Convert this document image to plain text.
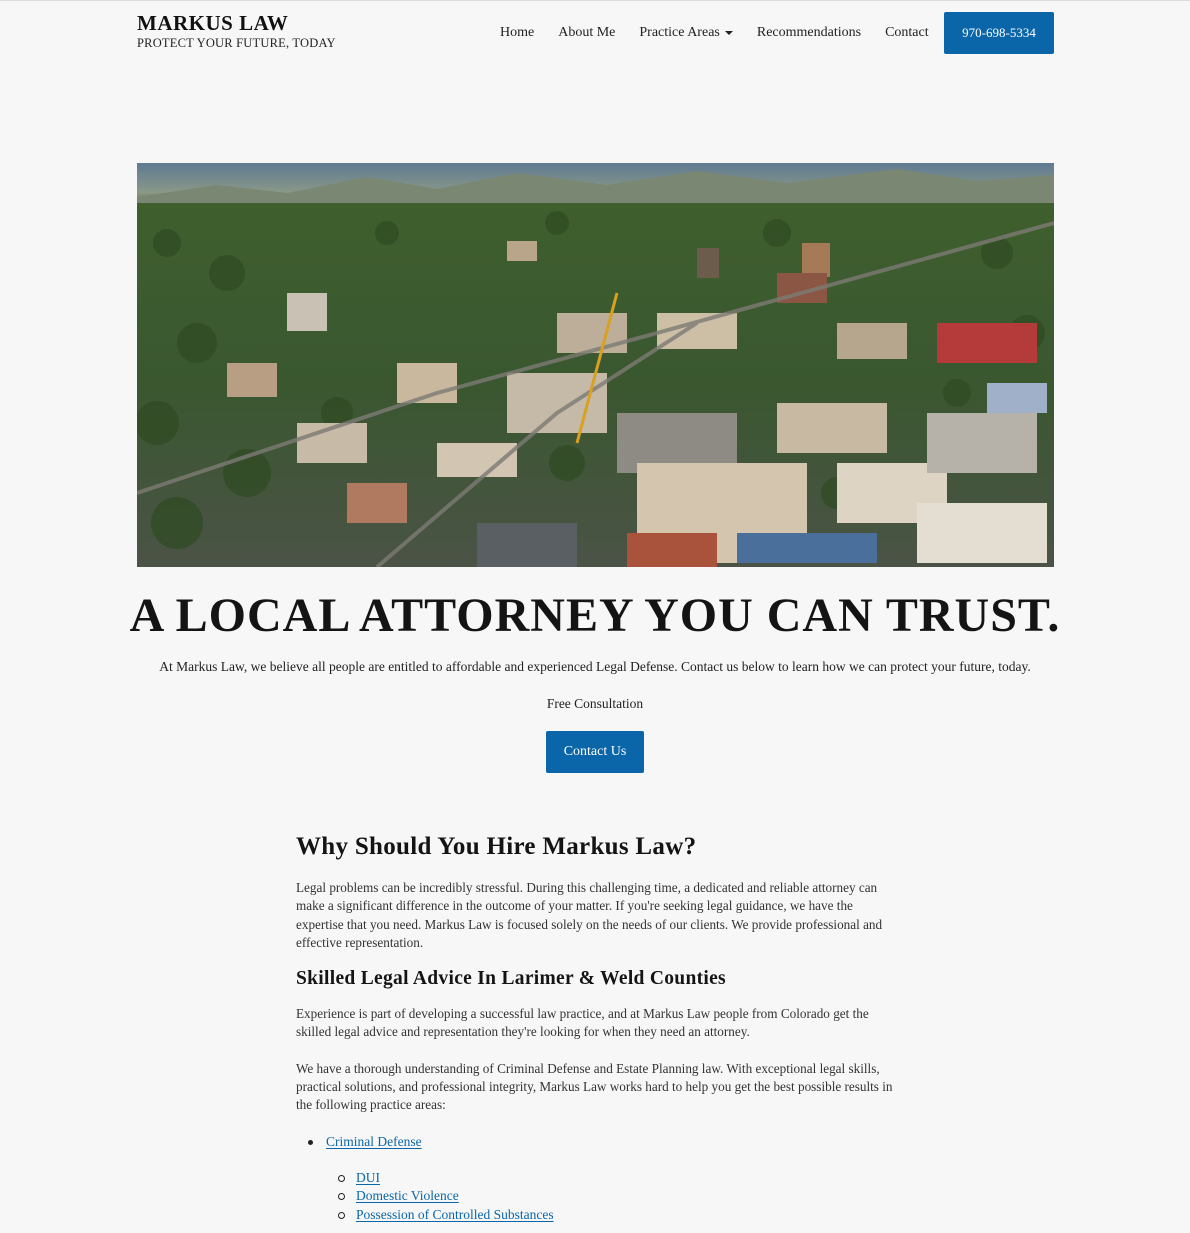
MARKUS LAW
PROTECT YOUR FUTURE, TODAY
Home About Me Practice Areas	Recommendations Contact	970-698-5334
A LOCAL ATTORNEY YOU CAN TRUST.

At Markus Law, we believe all people are entitled to affordable and experienced Legal Defense. Contact us below to learn how we can protect your future, today.

Free Consultation

Contact Us
Why Should You Hire Markus Law?

Legal problems can be incredibly stressful. During this challenging time, a dedicated and reliable attorney can make a significant difference in the outcome of your matter. If you're seeking legal guidance, we have the expertise that you need. Markus Law is focused solely on the needs of our clients. We provide professional and effective representation.

Skilled Legal Advice In Larimer & Weld Counties

Experience is part of developing a successful law practice, and at Markus Law people from Colorado get the skilled legal advice and representation they're looking for when they need an attorney.

We have a thorough understanding of Criminal Defense and Estate Planning law. With exceptional legal skills, practical solutions, and professional integrity, Markus Law works hard to help you get the best possible results in the following practice areas:

Criminal Defense
DUI
Domestic Violence
Possession of Controlled Substances
